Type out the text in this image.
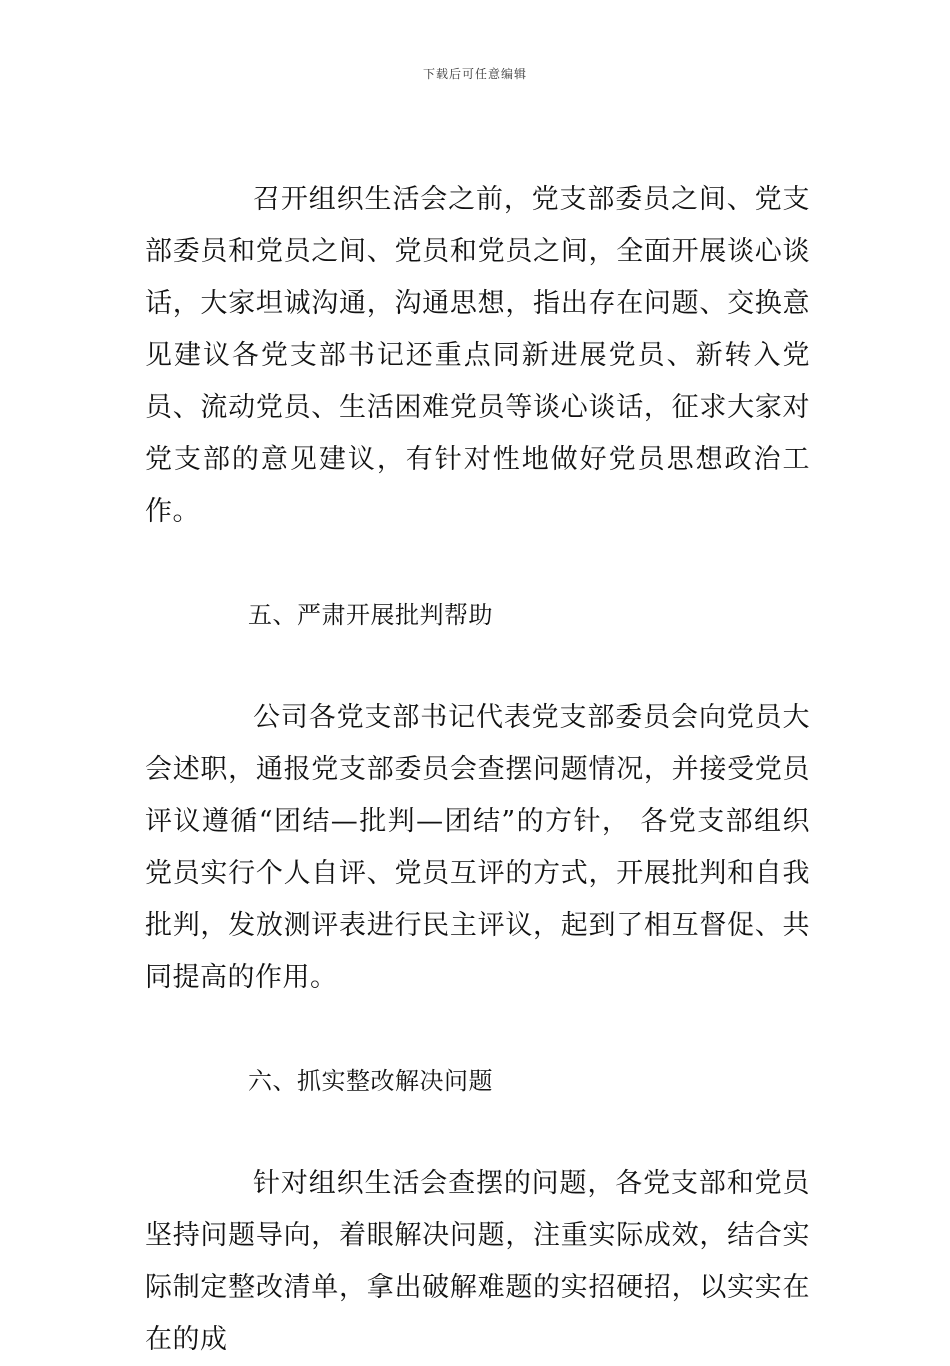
下载后可任意编辑

召开组织生活会之前，党支部委员之间、党支部委员和党员之间、党员和党员之间，全面开展谈心谈话，大家坦诚沟通，沟通思想，指出存在问题、交换意见建议各党支部书记还重点同新进展党员、新转入党员、流动党员、生活困难党员等谈心谈话，征求大家对党支部的意见建议，有针对性地做好党员思想政治工作。

五、严肃开展批判帮助

公司各党支部书记代表党支部委员会向党员大会述职，通报党支部委员会查摆问题情况，并接受党员评议遵循“团结—批判—团结”的方针， 各党支部组织党员实行个人自评、党员互评的方式，开展批判和自我批判，发放测评表进行民主评议，起到了相互督促、共同提高的作用。

六、抓实整改解决问题

针对组织生活会查摆的问题，各党支部和党员坚持问题导向，着眼解决问题，注重实际成效，结合实际制定整改清单，拿出破解难题的实招硬招，以实实在在的成
